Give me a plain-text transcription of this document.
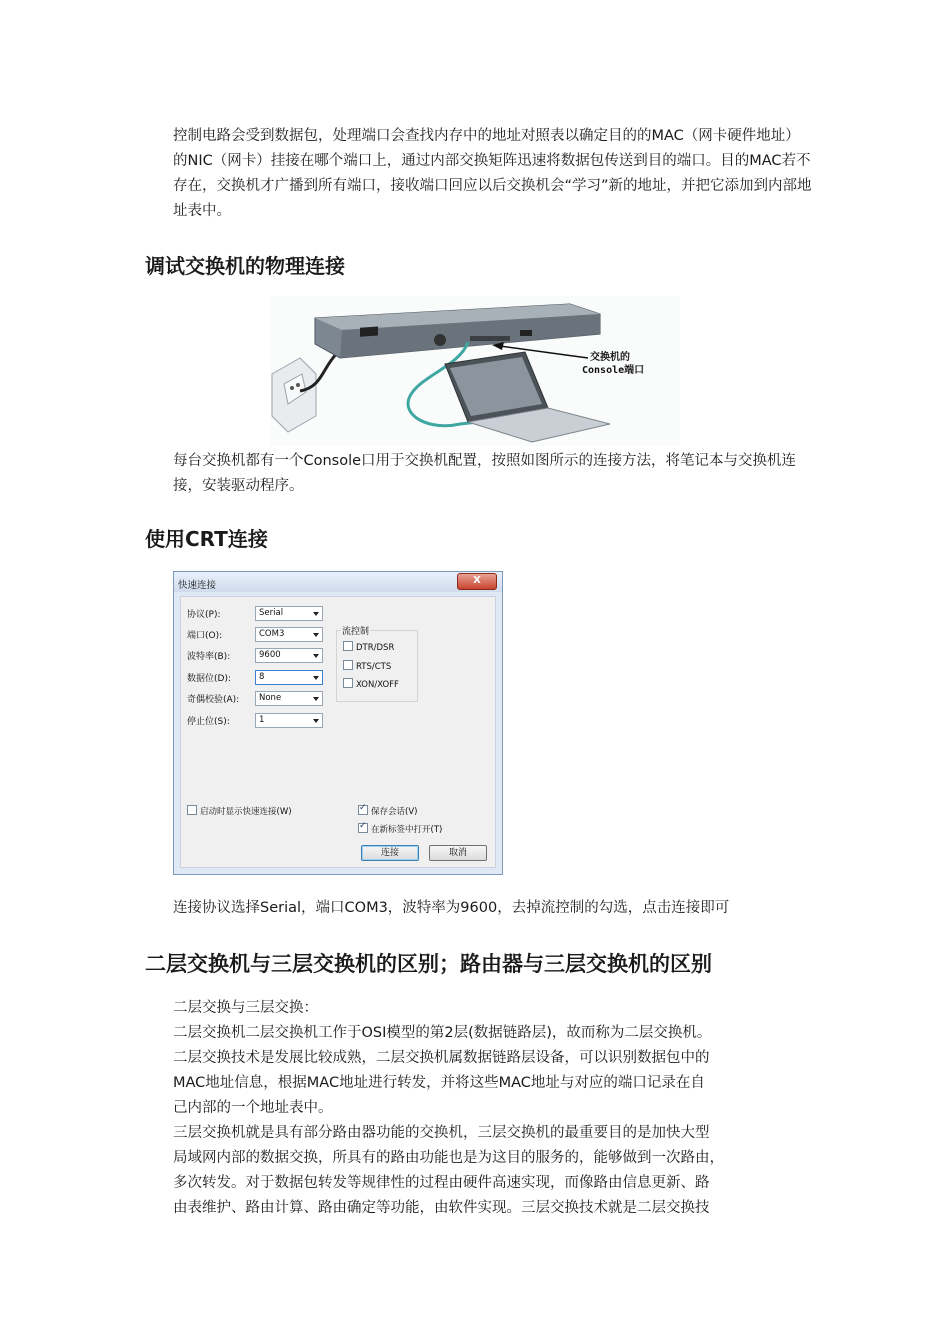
控制电路会受到数据包，处理端口会查找内存中的地址对照表以确定目的的MAC（网卡硬件地址）的NIC（网卡）挂接在哪个端口上，通过内部交换矩阵迅速将数据包传送到目的端口。目的MAC若不存在，交换机才广播到所有端口，接收端口回应以后交换机会“学习”新的地址，并把它添加到内部地址表中。
调试交换机的物理连接
交换机的
Console端口
每台交换机都有一个Console口用于交换机配置，按照如图所示的连接方法，将笔记本与交换机连接，安装驱动程序。
使用CRT连接
快速连接	X
协议(P):	Serial
端口(O):	COM3
波特率(B):	9600
数据位(D):	8
奇偶校验(A):	None
停止位(S):	1
流控制
DTR/DSR
RTS/CTS
XON/XOFF
启动时显示快速连接(W) ✓	保存会话(V)
✓在新标签中打开(T)
连接	取消
连接协议选择Serial，端口COM3，波特率为9600，去掉流控制的勾选，点击连接即可
二层交换机与三层交换机的区别；路由器与三层交换机的区别
二层交换与三层交换：
二层交换机二层交换机工作于OSI模型的第2层(数据链路层)，故而称为二层交换机。
二层交换技术是发展比较成熟，二层交换机属数据链路层设备，可以识别数据包中的
MAC地址信息，根据MAC地址进行转发，并将这些MAC地址与对应的端口记录在自
己内部的一个地址表中。
三层交换机就是具有部分路由器功能的交换机，三层交换机的最重要目的是加快大型
局域网内部的数据交换，所具有的路由功能也是为这目的服务的，能够做到一次路由，
多次转发。对于数据包转发等规律性的过程由硬件高速实现，而像路由信息更新、路
由表维护、路由计算、路由确定等功能，由软件实现。三层交换技术就是二层交换技
